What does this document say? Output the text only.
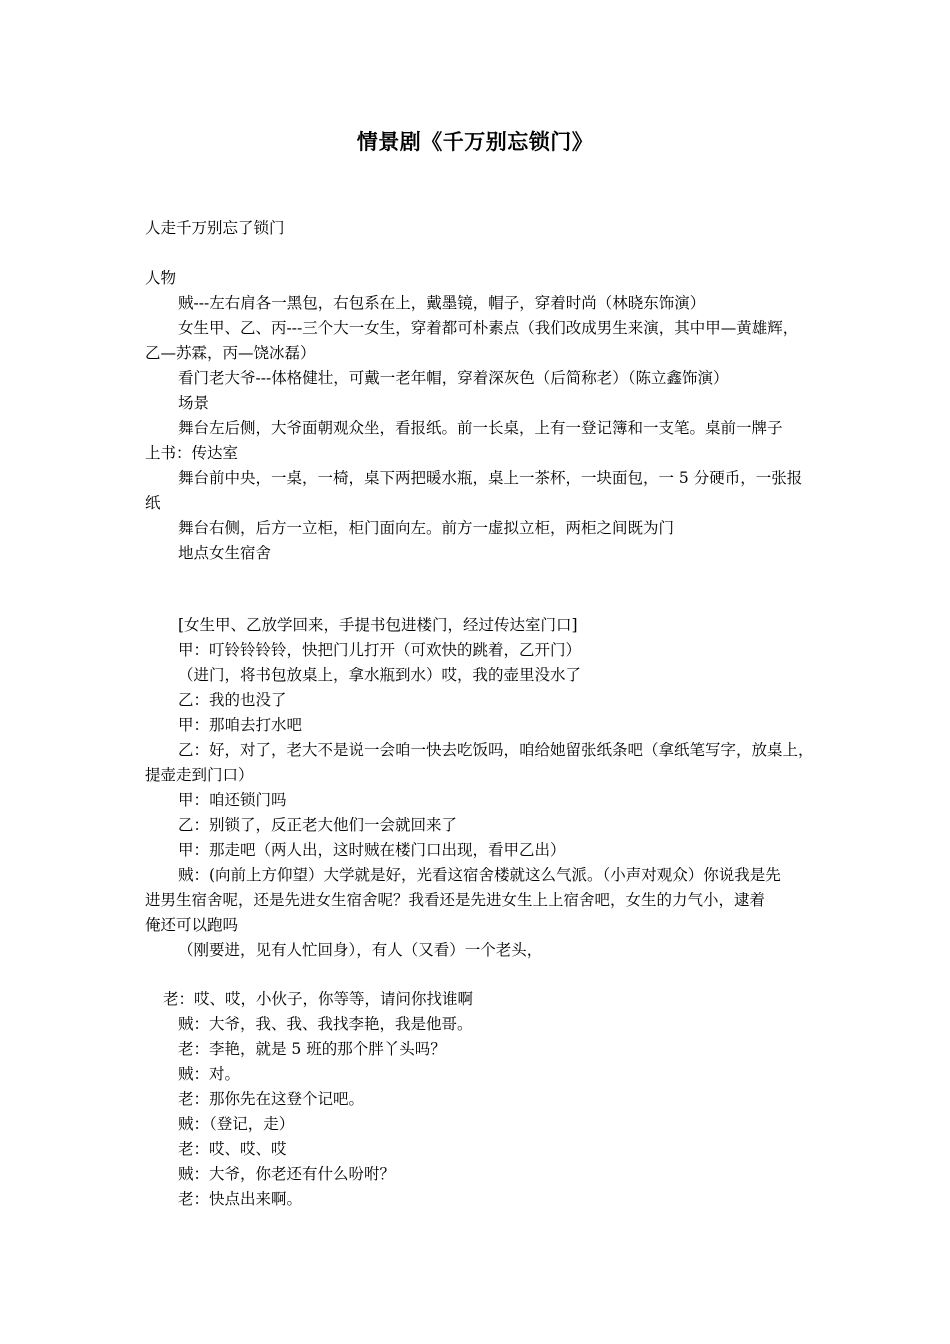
情景剧《千万别忘锁门》

人走千万别忘了锁门

人物

贼---左右肩各一黑包，右包系在上，戴墨镜，帽子，穿着时尚（林晓东饰演）

女生甲、乙、丙---三个大一女生，穿着都可朴素点（我们改成男生来演，其中甲—黄雄辉，

乙—苏霖，丙—饶冰磊）

看门老大爷---体格健壮，可戴一老年帽，穿着深灰色（后简称老）（陈立鑫饰演）

场景

舞台左后侧，大爷面朝观众坐，看报纸。前一长桌，上有一登记簿和一支笔。桌前一牌子

上书：传达室

舞台前中央，一桌，一椅，桌下两把暖水瓶，桌上一茶杯，一块面包，一 5 分硬币，一张报

纸

舞台右侧，后方一立柜，柜门面向左。前方一虚拟立柜，两柜之间既为门

地点女生宿舍

[女生甲、乙放学回来，手提书包进楼门，经过传达室门口]

甲：叮铃铃铃铃，快把门儿打开（可欢快的跳着，乙开门）

（进门，将书包放桌上，拿水瓶到水）哎，我的壶里没水了

乙：我的也没了

甲：那咱去打水吧

乙：好，对了，老大不是说一会咱一快去吃饭吗，咱给她留张纸条吧（拿纸笔写字，放桌上，

提壶走到门口）

甲：咱还锁门吗

乙：别锁了，反正老大他们一会就回来了

甲：那走吧（两人出，这时贼在楼门口出现，看甲乙出）

贼：(向前上方仰望）大学就是好，光看这宿舍楼就这么气派。（小声对观众）你说我是先

进男生宿舍呢，还是先进女生宿舍呢？我看还是先进女生上上宿舍吧，女生的力气小，逮着

俺还可以跑吗

（刚要进，见有人忙回身），有人（又看）一个老头，

老：哎、哎，小伙子，你等等，请问你找谁啊

贼：大爷，我、我、我找李艳，我是他哥。

老：李艳，就是 5 班的那个胖丫头吗？

贼：对。

老：那你先在这登个记吧。

贼：（登记，走）

老：哎、哎、哎

贼：大爷，你老还有什么吩咐？

老：快点出来啊。
